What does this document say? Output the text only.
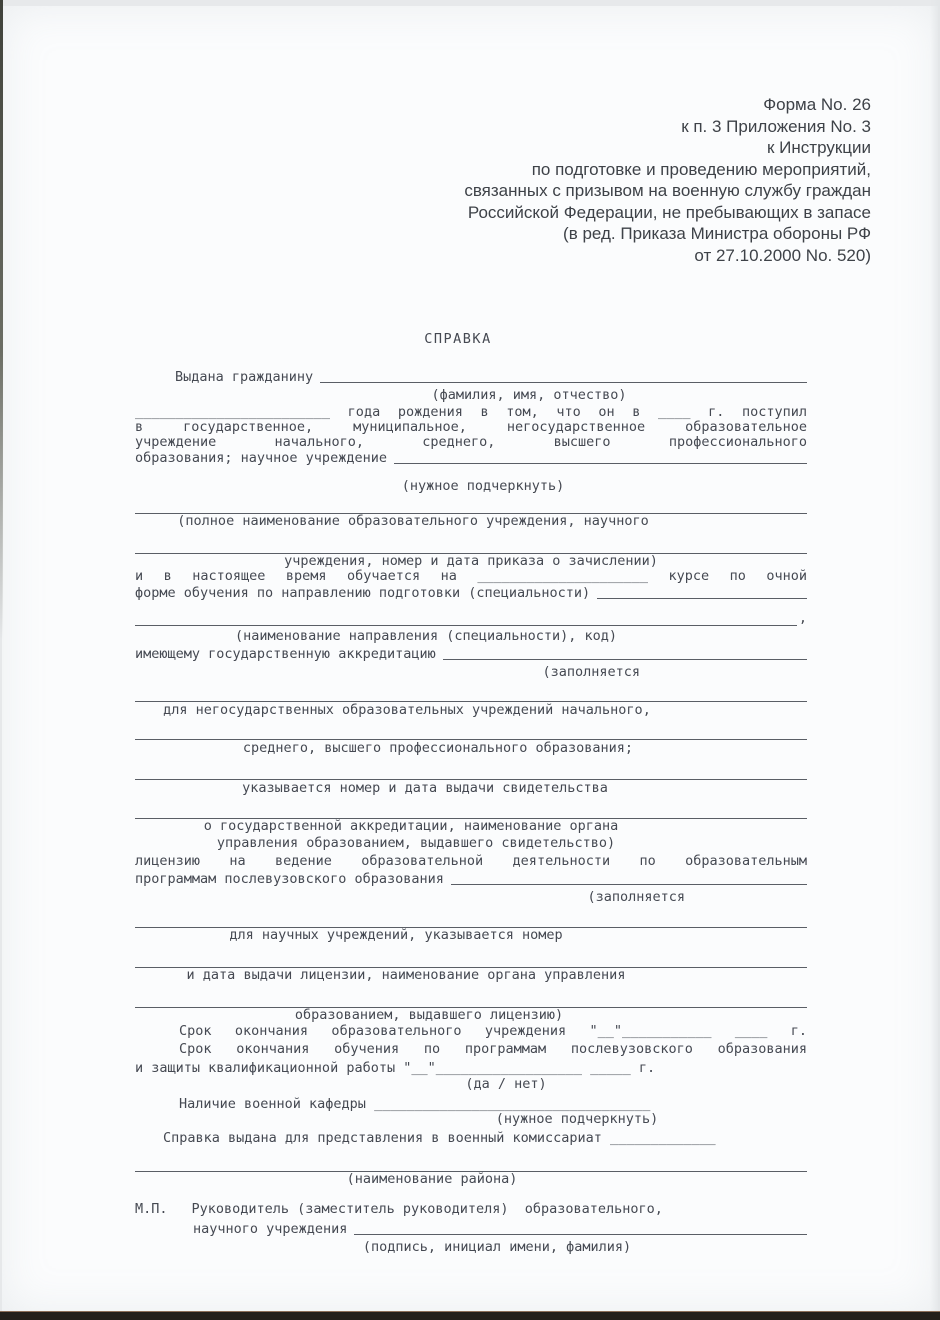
Форма No. 26
к п. 3 Приложения No. 3
к Инструкции
по подготовке и проведению мероприятий,
связанных с призывом на военную службу граждан
Российской Федерации, не пребывающих в запасе
(в ред. Приказа Министра обороны РФ
от 27.10.2000 No. 520)
СПРАВКА
Выдана гражданину
(фамилия, имя, отчество)
________________________ года рождения в том, что он в ____ г. поступил
в государственное, муниципальное, негосударственное образовательное
учреждение начального, среднего, высшего профессионального
образования; научное учреждение
(нужное подчеркнуть)
(полное наименование образовательного учреждения, научного
учреждения, номер и дата приказа о зачислении)
и в настоящее время обучается на _____________________ курсе по очной
форме обучения по направлению подготовки (специальности)
,
(наименование направления (специальности), код)
имеющему государственную аккредитацию
(заполняется
для негосударственных образовательных учреждений начального,
среднего, высшего профессионального образования;
указывается номер и дата выдачи свидетельства
о государственной аккредитации, наименование органа
управления образованием, выдавшего свидетельство)
лицензию на ведение образовательной деятельности по образовательным
программам послевузовского образования
(заполняется
для научных учреждений, указывается номер
и дата выдачи лицензии, наименование органа управления
образованием, выдавшего лицензию)
Срок окончания образовательного учреждения "__"___________ ____ г.
Срок окончания обучения по программам послевузовского образования
и защиты квалификационной работы "__"__________________ _____ г.
(да / нет)
Наличие военной кафедры __________________________________
(нужное подчеркнуть)
Справка выдана для представления в военный комиссариат _____________
(наименование района)
М.П. Руководитель (заместитель руководителя)  образовательного,
научного учреждения
(подпись, инициал имени, фамилия)
